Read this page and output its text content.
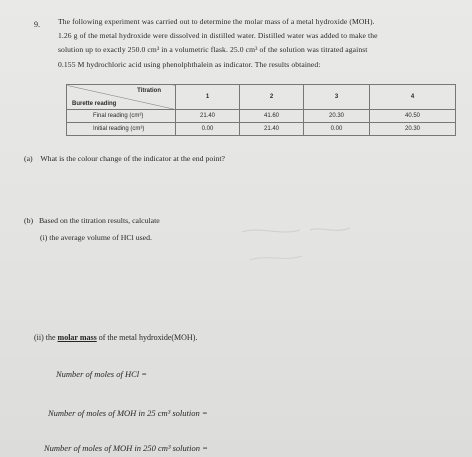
9. The following experiment was carried out to determine the molar mass of a metal hydroxide (MOH).
1.26 g of the metal hydroxide were dissolved in distilled water. Distilled water was added to make the
solution up to exactly 250.0 cm³ in a volumetric flask. 25.0 cm³ of the solution was titrated against
0.155 M hydrochloric acid using phenolphthalein as indicator. The results obtained:
Titration
Burette reading	1	2	3	4
Final reading (cm³)	21.40	41.60	20.30	40.50
Initial reading (cm³)	0.00	21.40	0.00	20.30
(a) What is the colour change of the indicator at the end point?
(b) Based on the titration results, calculate
(i) the average volume of HCl used.
(ii) the molar mass of the metal hydroxide(MOH).
Number of moles of HCl =
Number of moles of MOH in 25 cm³ solution =
Number of moles of MOH in 250 cm³ solution =
